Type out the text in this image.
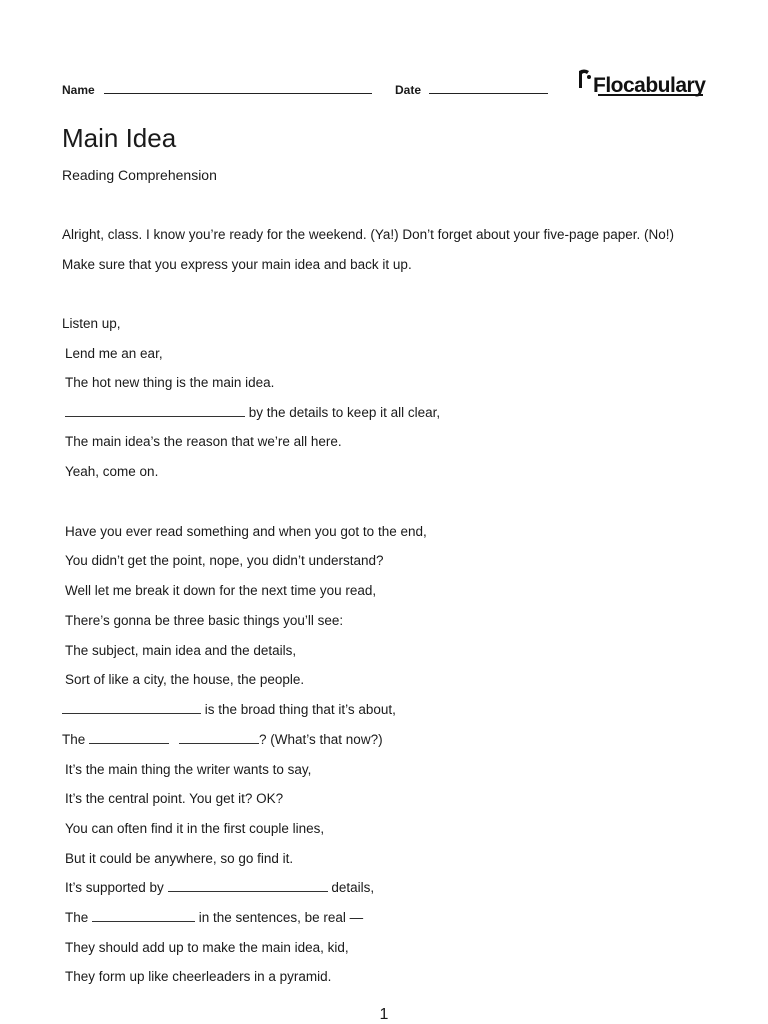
Name	Date	Flocabulary
Main Idea
Reading Comprehension
Alright, class. I know you’re ready for the weekend. (Ya!) Don’t forget about your five-page paper. (No!)
Make sure that you express your main idea and back it up.
Listen up,
Lend me an ear,
The hot new thing is the main idea.
by the details to keep it all clear,
The main idea’s the reason that we’re all here.
Yeah, come on.
Have you ever read something and when you got to the end,
You didn’t get the point, nope, you didn’t understand?
Well let me break it down for the next time you read,
There’s gonna be three basic things you’ll see:
The subject, main idea and the details,
Sort of like a city, the house, the people.
is the broad thing that it’s about,
The	? (What’s that now?)
It’s the main thing the writer wants to say,
It’s the central point. You get it? OK?
You can often find it in the first couple lines,
But it could be anywhere, so go find it.
It’s supported by	details,
The	in the sentences, be real —
They should add up to make the main idea, kid,
They form up like cheerleaders in a pyramid.
1
